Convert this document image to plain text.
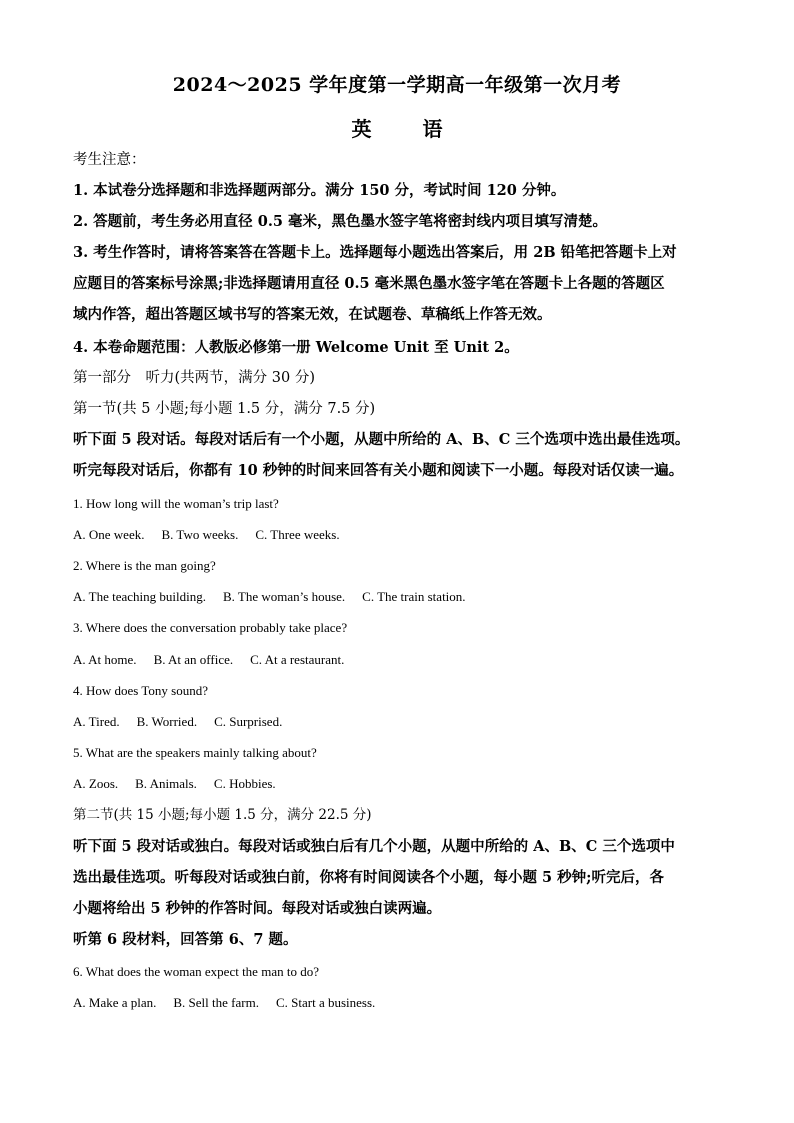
2024～2025 学年度第一学期高一年级第一次月考
英 语
考生注意：
1. 本试卷分选择题和非选择题两部分。满分 150 分，考试时间 120 分钟。
2. 答题前，考生务必用直径 0.5 毫米，黑色墨水签字笔将密封线内项目填写清楚。
3. 考生作答时，请将答案答在答题卡上。选择题每小题选出答案后，用 2B 铅笔把答题卡上对
应题目的答案标号涂黑;非选择题请用直径 0.5 毫米黑色墨水签字笔在答题卡上各题的答题区
域内作答，超出答题区域书写的答案无效，在试题卷、草稿纸上作答无效。
4. 本卷命题范围：人教版必修第一册 Welcome Unit 至 Unit 2。
第一部分　听力(共两节，满分 30 分)
第一节(共 5 小题;每小题 1.5 分，满分 7.5 分)
听下面 5 段对话。每段对话后有一个小题，从题中所给的 A、B、C 三个选项中选出最佳选项。
听完每段对话后，你都有 10 秒钟的时间来回答有关小题和阅读下一小题。每段对话仅读一遍。
1. How long will the woman’s trip last?
A. One week. B. Two weeks. C. Three weeks.
2. Where is the man going?
A. The teaching building. B. The woman’s house. C. The train station.
3. Where does the conversation probably take place?
A. At home. B. At an office. C. At a restaurant.
4. How does Tony sound?
A. Tired. B. Worried. C. Surprised.
5. What are the speakers mainly talking about?
A. Zoos. B. Animals. C. Hobbies.
第二节(共 15 小题;每小题 1.5 分，满分 22.5 分)
听下面 5 段对话或独白。每段对话或独白后有几个小题，从题中所给的 A、B、C 三个选项中
选出最佳选项。听每段对话或独白前，你将有时间阅读各个小题，每小题 5 秒钟;听完后，各
小题将给出 5 秒钟的作答时间。每段对话或独白读两遍。
听第 6 段材料，回答第 6、7 题。
6. What does the woman expect the man to do?
A. Make a plan. B. Sell the farm. C. Start a business.
